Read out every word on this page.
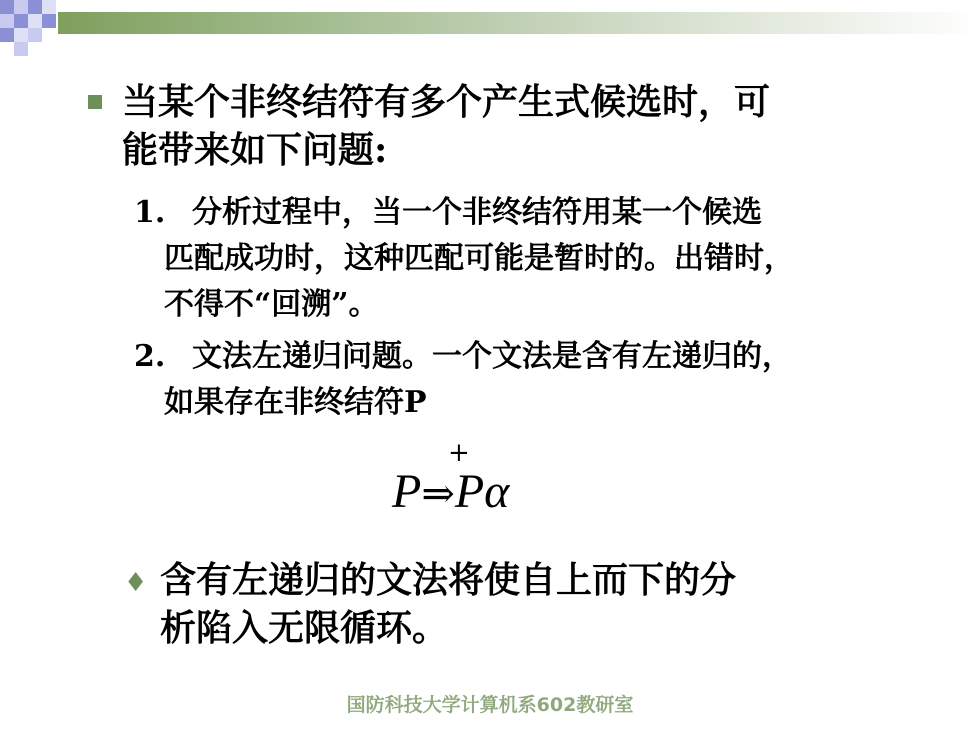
当某个非终结符有多个产生式候选时，可
能带来如下问题:
1. 分析过程中，当一个非终结符用某一个候选
匹配成功时，这种匹配可能是暂时的。出错时，
不得不“回溯”。
2. 文法左递归问题。一个文法是含有左递归的，
如果存在非终结符P
+
P⇒Pα
♦ 含有左递归的文法将使自上而下的分
析陷入无限循环。
国防科技大学计算机系602教研室
